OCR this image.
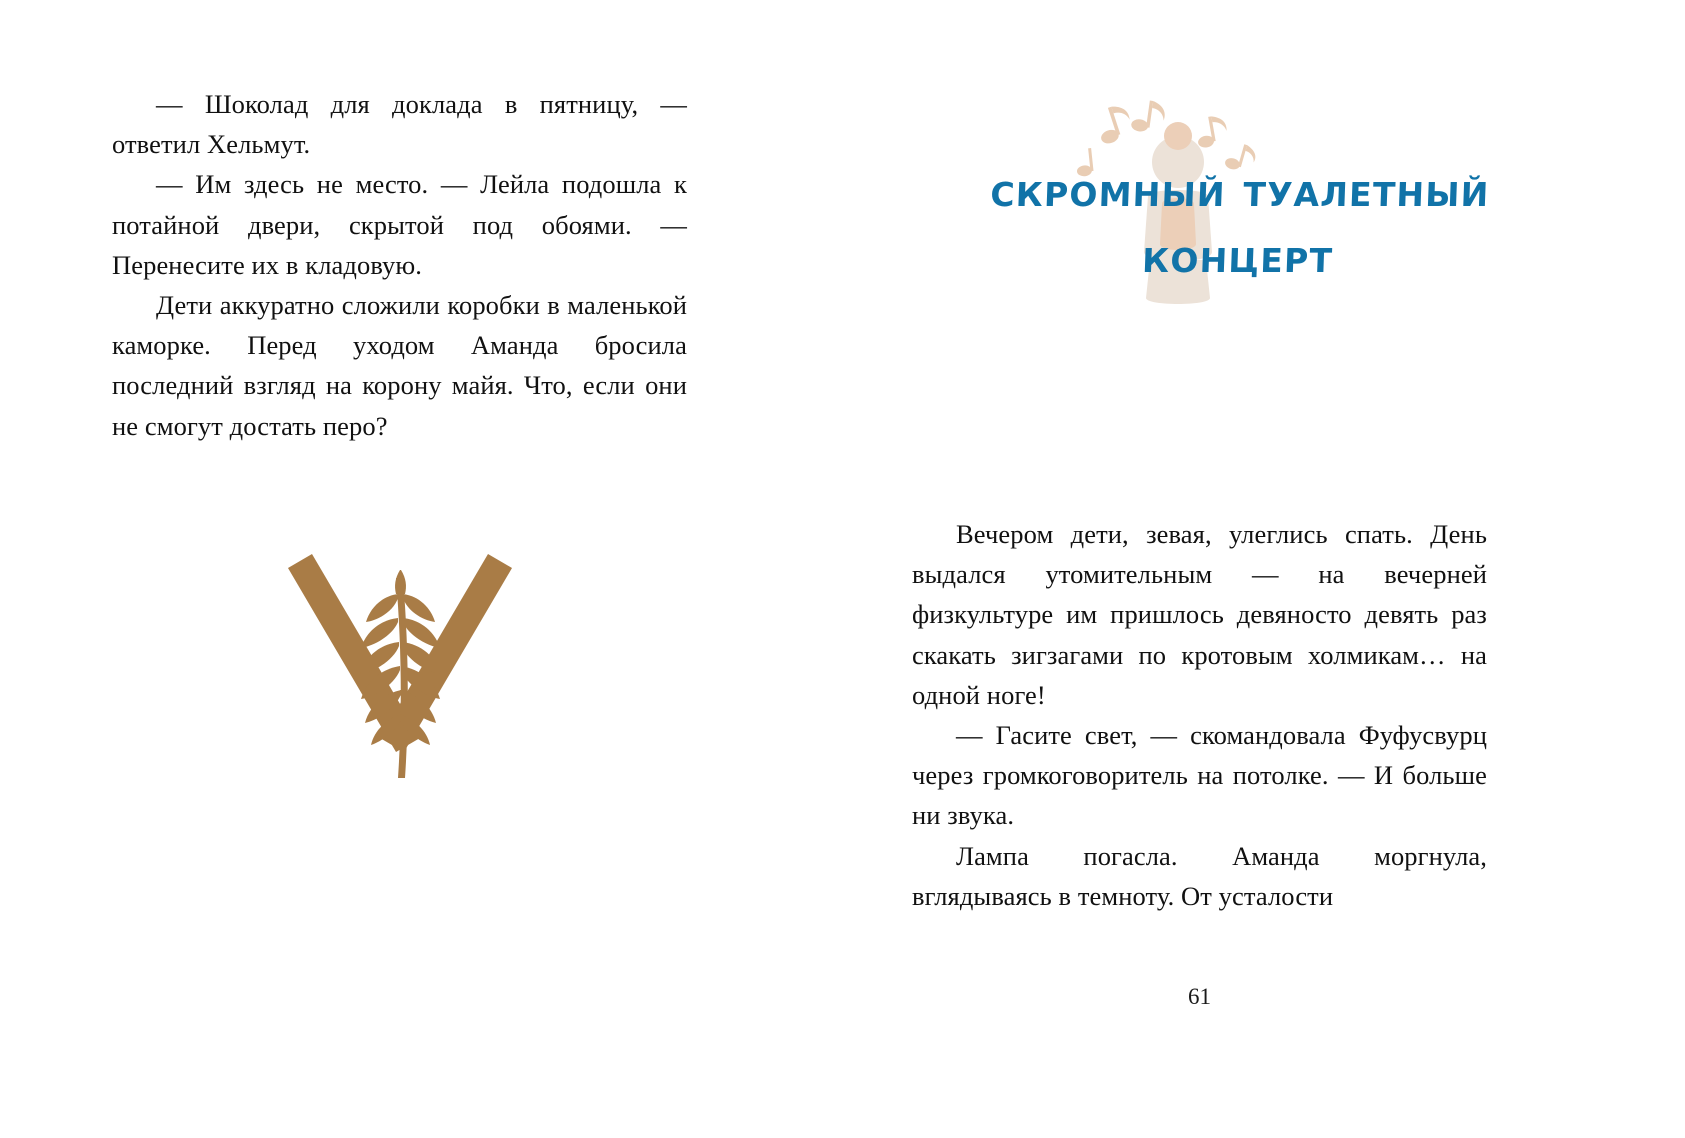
— Шоколад для доклада в пятницу, — ответил Хельмут.

— Им здесь не место. — Лейла подошла к потайной двери, скрытой под обоями. — Перенесите их в кладовую.

Дети аккуратно сложили коробки в маленькой каморке. Перед уходом Аманда бросила последний взгляд на корону майя. Что, если они не смогут достать перо?

скромный туалетный концерт

Вечером дети, зевая, улеглись спать. День выдался утомительным — на вечерней физкультуре им пришлось девяносто девять раз скакать зигзагами по кротовым холмикам… на одной ноге!

— Гасите свет, — скомандовала Фуфусвурц через громкоговоритель на потолке. — И больше ни звука.

Лампа погасла. Аманда моргнула, вглядываясь в темноту. От усталости

61
